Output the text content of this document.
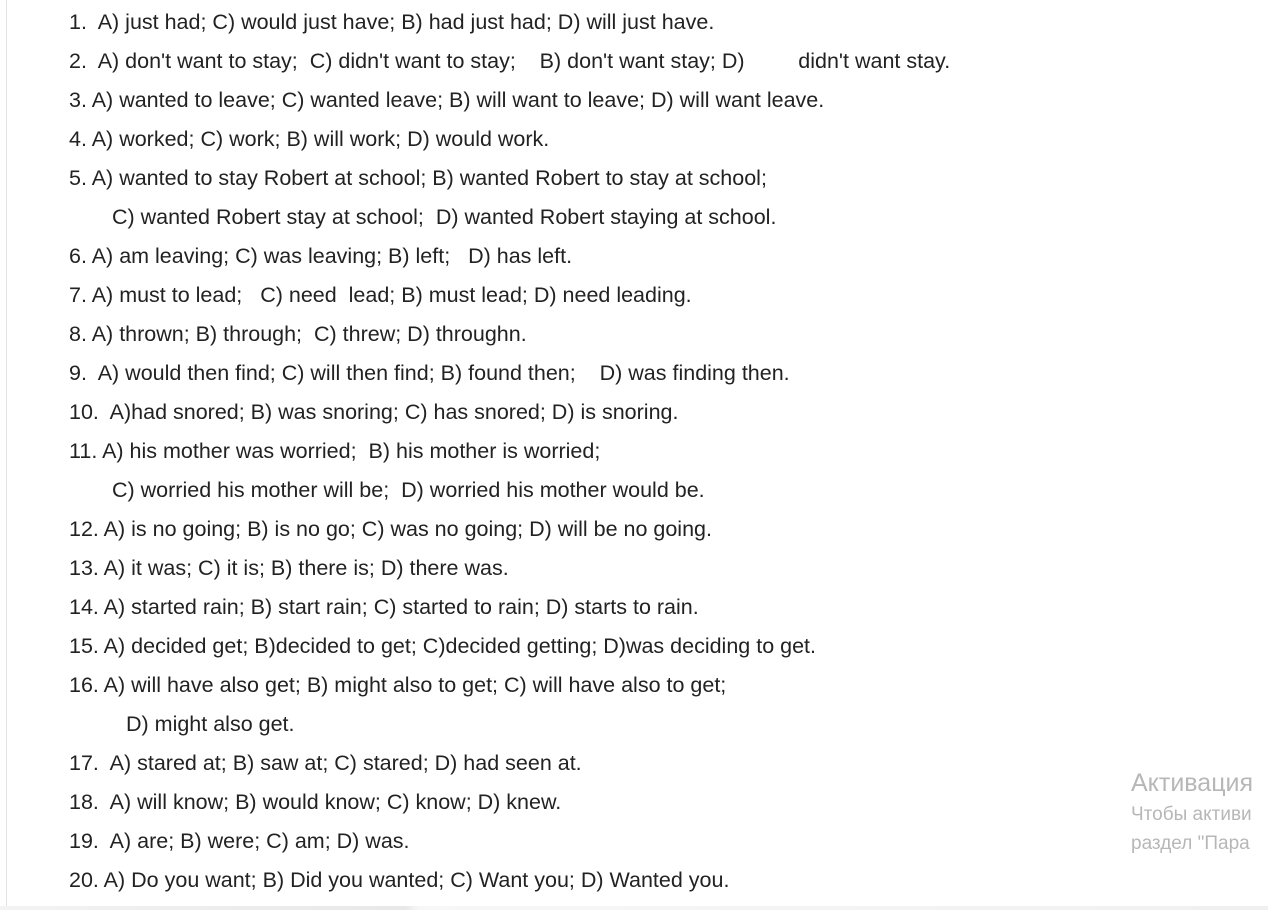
1.  A) just had; C) would just have; B) had just had; D) will just have.
2.  A) don't want to stay;  C) didn't want to stay;    B) don't want stay; D)         didn't want stay.
3. A) wanted to leave; C) wanted leave; B) will want to leave; D) will want leave.
4. A) worked; C) work; B) will work; D) would work.
5. A) wanted to stay Robert at school; B) wanted Robert to stay at school;
C) wanted Robert stay at school;  D) wanted Robert staying at school.
6. A) am leaving; C) was leaving; B) left;   D) has left.
7. A) must to lead;   C) need  lead; B) must lead; D) need leading.
8. A) thrown; B) through;  C) threw; D) throughn.
9.  A) would then find; C) will then find; B) found then;    D) was finding then.
10.  A)had snored; B) was snoring; C) has snored; D) is snoring.
11. A) his mother was worried;  B) his mother is worried;
C) worried his mother will be;  D) worried his mother would be.
12. A) is no going; B) is no go; C) was no going; D) will be no going.
13. A) it was; C) it is; B) there is; D) there was.
14. A) started rain; B) start rain; C) started to rain; D) starts to rain.
15. A) decided get; B)decided to get; C)decided getting; D)was deciding to get.
16. A) will have also get; B) might also to get; C) will have also to get;
D) might also get.
17.  A) stared at; B) saw at; C) stared; D) had seen at.
18.  A) will know; B) would know; C) know; D) knew.
19.  A) are; B) were; C) am; D) was.
20. A) Do you want; B) Did you wanted; C) Want you; D) Wanted you.
Активация
Чтобы активи
раздел "Пара
